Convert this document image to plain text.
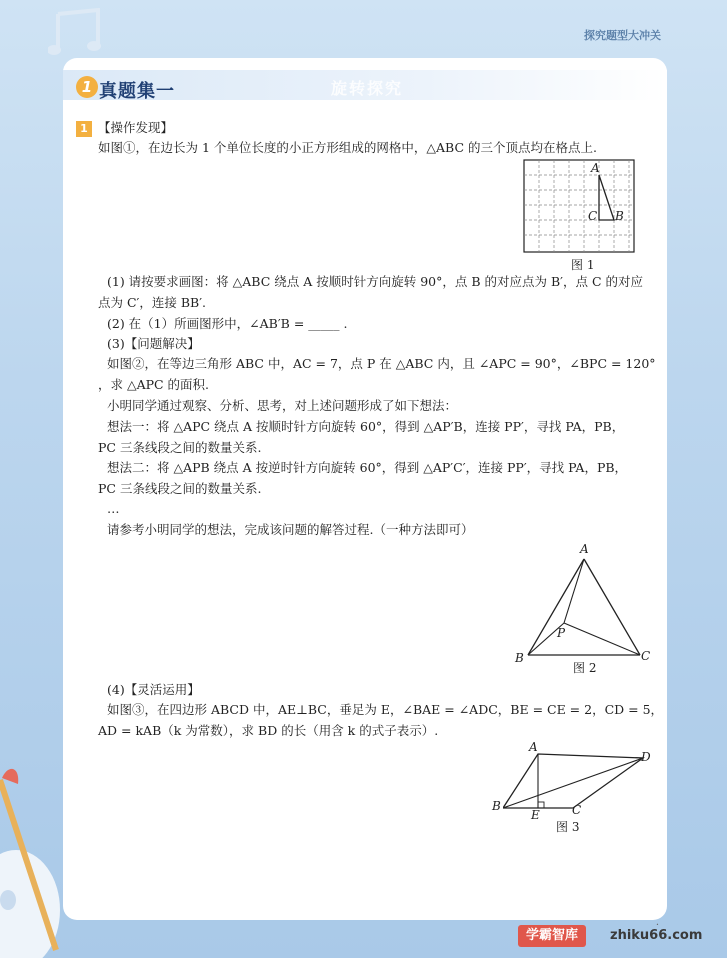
探究题型大冲关
旋转探究
1 真题集一
1 【操作发现】
如图①，在边长为 1 个单位长度的小正方形组成的网格中，△ABC 的三个顶点均在格点上.
A
C B
图 1
(1) 请按要求画图：将 △ABC 绕点 A 按顺时针方向旋转 90°，点 B 的对应点为 B′，点 C 的对应
点为 C′，连接 BB′.
(2) 在（1）所画图形中，∠AB′B = _____ .
(3)【问题解决】
如图②，在等边三角形 ABC 中，AC = 7，点 P 在 △ABC 内，且 ∠APC = 90°，∠BPC = 120°
，求 △APC 的面积.
小明同学通过观察、分析、思考，对上述问题形成了如下想法：
想法一：将 △APC 绕点 A 按顺时针方向旋转 60°，得到 △AP′B，连接 PP′，寻找 PA，PB，
PC 三条线段之间的数量关系.
想法二：将 △APB 绕点 A 按逆时针方向旋转 60°，得到 △AP′C′，连接 PP′，寻找 PA，PB，
PC 三条线段之间的数量关系.
…
请参考小明同学的想法，完成该问题的解答过程.（一种方法即可）
A
P
B	C
图 2
(4)【灵活运用】
如图③，在四边形 ABCD 中，AE⊥BC，垂足为 E，∠BAE = ∠ADC，BE = CE = 2，CD = 5，
AD = kAB（k 为常数），求 BD 的长（用含 k 的式子表示）.
A
D
B
E	C
图 3
·
学霸智库	zhiku66.com
